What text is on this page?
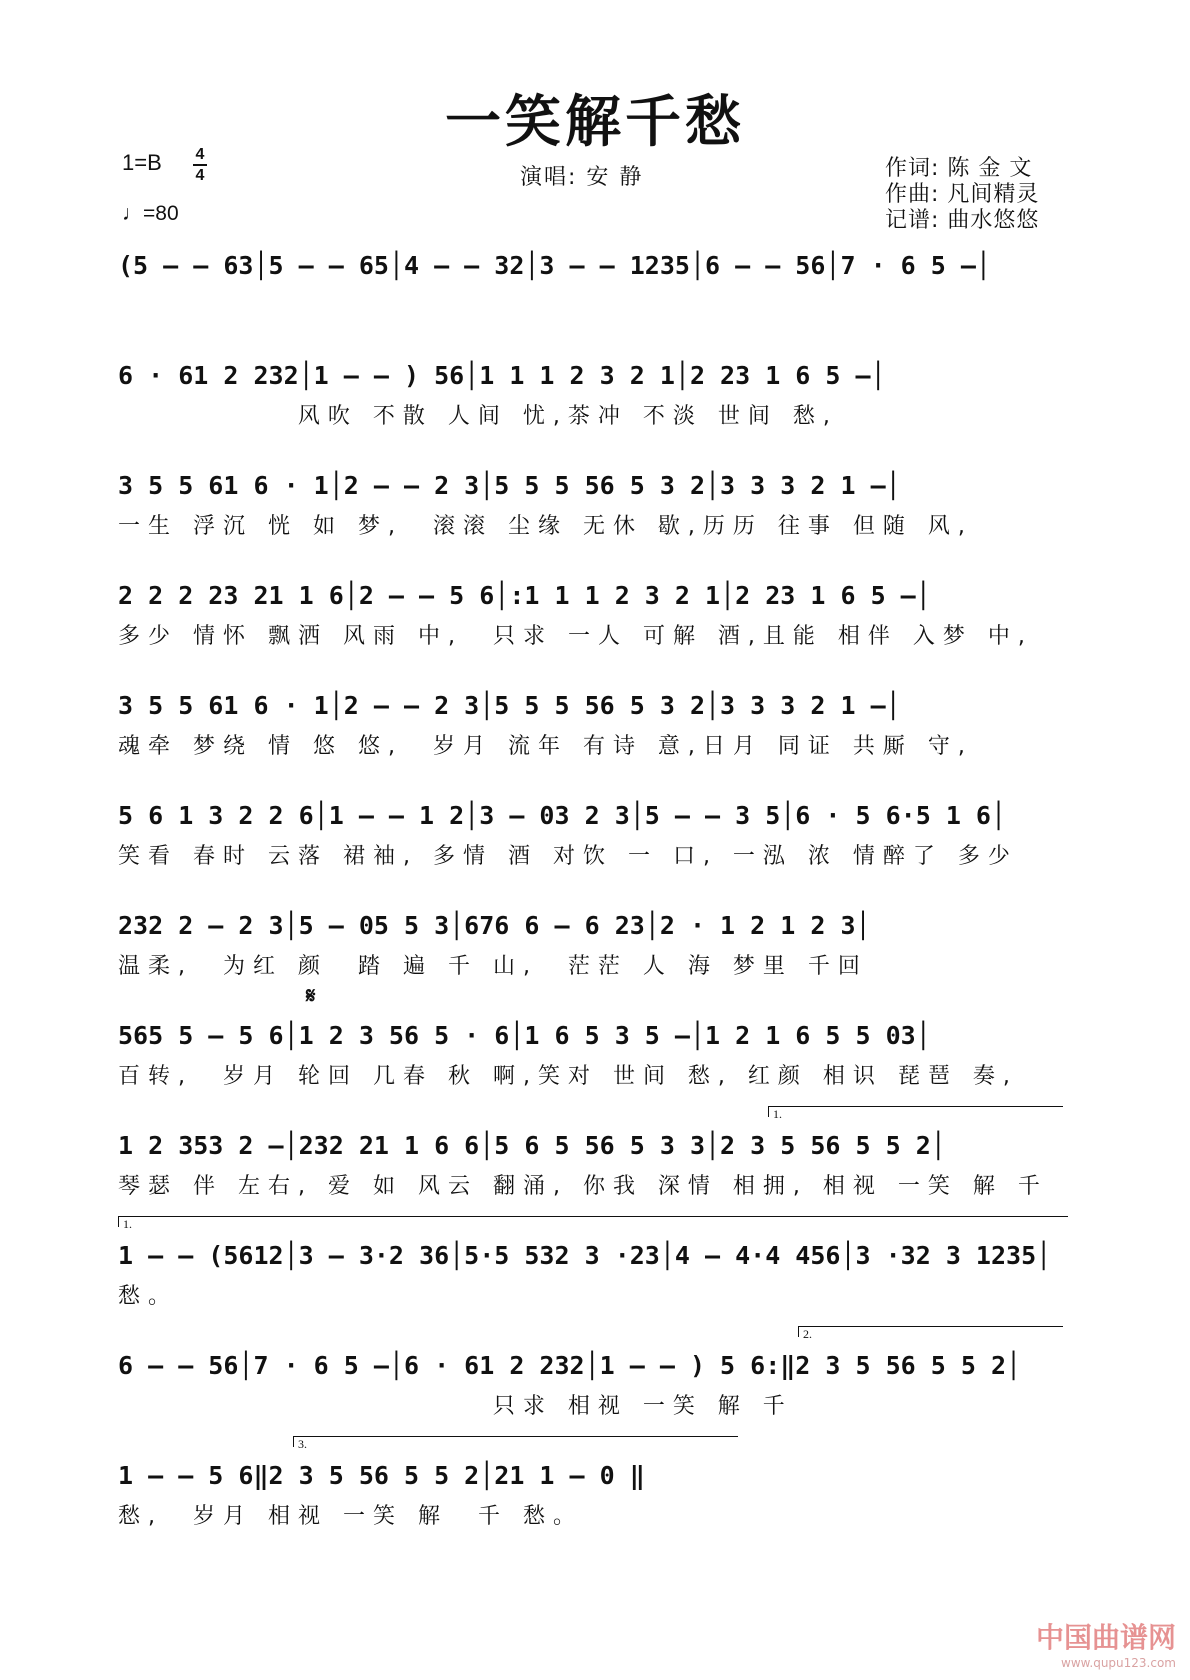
一笑解千愁
1=B	4
4
♩=80
演唱: 安 静	作词: 陈 金 文
作曲: 凡间精灵
记谱: 曲水悠悠
(5 – – 63│5 – – 65│4 – – 32│3 – – 1235│6 – – 56│7 · 6 5 –│
6 · 61 2 232│1 – – ) 56│1 1 1 2 3 2 1│2 23 1 6 5 –│
风吹 不散 人间 忧,茶冲 不淡 世间 愁,
3 5 5 61 6 · 1│2 – – 2 3│5 5 5 56 5 3 2│3 3 3 2 1 –│
一生 浮沉 恍 如 梦,  滚滚 尘缘 无休 歇,历历 往事 但随 风,
2 2 2 23 21 1 6│2 – – 5 6│:1 1 1 2 3 2 1│2 23 1 6 5 –│
多少 情怀 飘洒 风雨 中,  只求 一人 可解 酒,且能 相伴 入梦 中,
3 5 5 61 6 · 1│2 – – 2 3│5 5 5 56 5 3 2│3 3 3 2 1 –│
魂牵 梦绕 情 悠 悠,  岁月 流年 有诗 意,日月 同证 共厮 守,
5 6 1 3 2 2 6│1 – – 1 2│3 – 03 2 3│5 – – 3 5│6 · 5 6·5 1 6│
笑看 春时 云落 裙袖, 多情 酒 对饮 一 口, 一泓 浓 情醉了 多少
232 2 – 2 3│5 – 05 5 3│676 6 – 6 23│2 · 1 2 1 2 3│
温柔,  为红 颜  踏 遍 千 山,  茫茫 人 海 梦里 千回
𝄋
565 5 – 5 6│1 2 3 56 5 · 6│1 6 5 3 5 –│1 2 1 6 5 5 03│
百转,  岁月 轮回 几春 秋 啊,笑对 世间 愁, 红颜 相识 琵琶 奏,
1.
1 2 353 2 –│232 21 1 6 6│5 6 5 56 5 3 3│2 3 5 56 5 5 2│
琴瑟 伴 左右, 爱 如 风云 翻涌, 你我 深情 相拥, 相视 一笑 解 千
1.
1 – – (5612│3 – 3·2 36│5·5 532 3 ·23│4 – 4·4 456│3 ·32 3 1235│
愁。
2.
6 – – 56│7 · 6 5 –│6 · 61 2 232│1 – – ) 5 6:‖2 3 5 56 5 5 2│
只求 相视 一笑 解 千
3.
1 – – 5 6‖2 3 5 56 5 5 2│21 1 – 0 ‖
愁,  岁月 相视 一笑 解  千 愁。
中国曲谱网
www.qupu123.com
